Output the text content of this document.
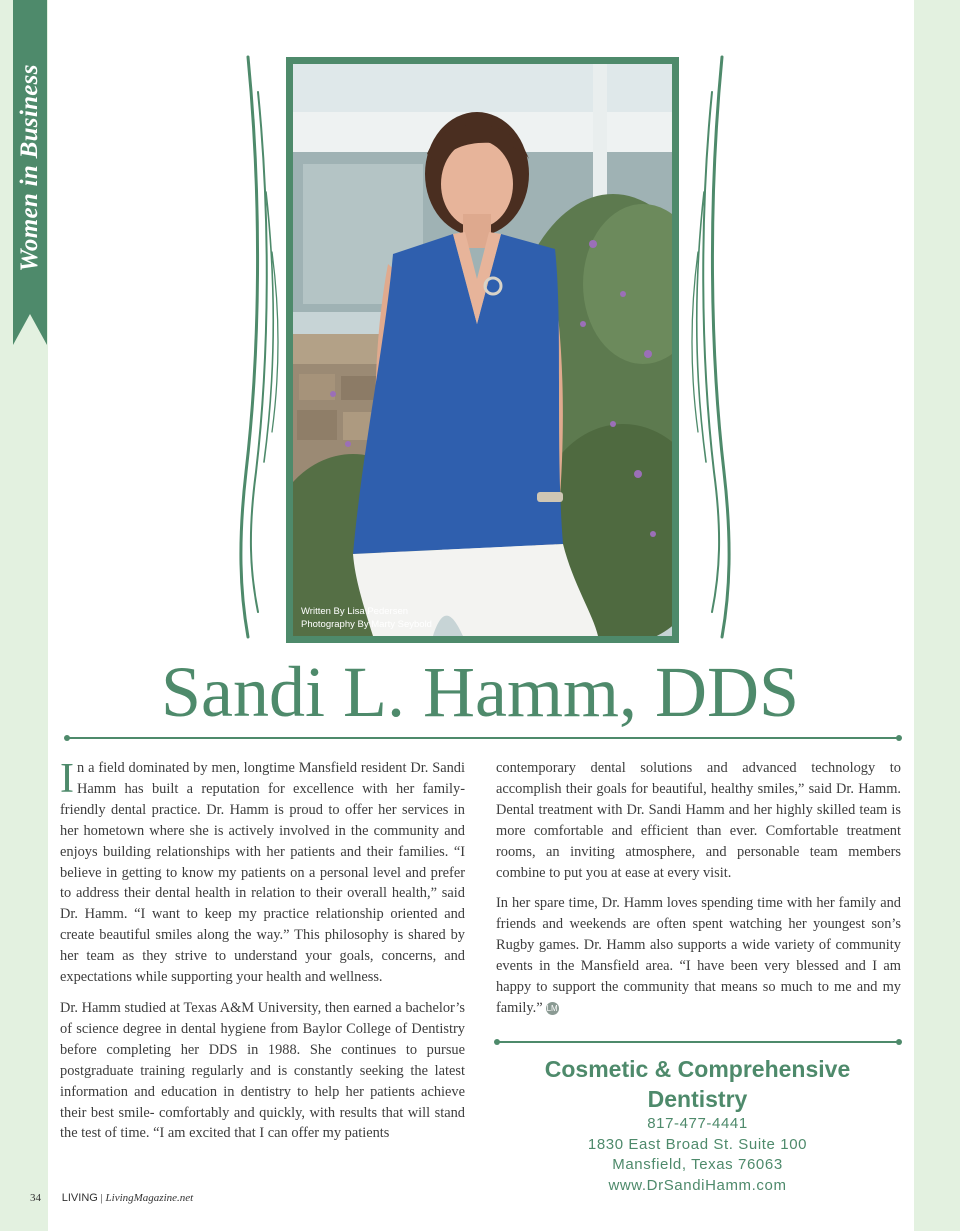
Women in Business
Written By Lisa Pedersen
Photography By Marty Seybold
Sandi L. Hamm, DDS

In a field dominated by men, longtime Mansfield resident Dr. Sandi Hamm has built a reputation for excellence with her family-friendly dental practice. Dr. Hamm is proud to offer her services in her hometown where she is actively involved in the community and enjoys building relationships with her patients and their families. “I believe in getting to know my patients on a personal level and prefer to address their dental health in relation to their overall health,” said Dr. Hamm. “I want to keep my practice relationship oriented and create beautiful smiles along the way.” This philosophy is shared by her team as they strive to understand your goals, concerns, and expectations while supporting your health and wellness.

Dr. Hamm studied at Texas A&M University, then earned a bachelor’s of science degree in dental hygiene from Baylor College of Dentistry before completing her DDS in 1988. She continues to pursue postgraduate training regularly and is constantly seeking the latest information and education in dentistry to help her patients achieve their best smile- comfortably and quickly, with results that will stand the test of time. “I am excited that I can offer my patients

contemporary dental solutions and advanced technology to accomplish their goals for beautiful, healthy smiles,” said Dr. Hamm. Dental treatment with Dr. Sandi Hamm and her highly skilled team is more comfortable and efficient than ever. Comfortable treatment rooms, an inviting atmosphere, and personable team members combine to put you at ease at every visit.

In her spare time, Dr. Hamm loves spending time with her family and friends and weekends are often spent watching her youngest son’s Rugby games. Dr. Hamm also supports a wide variety of community events in the Mansfield area. “I have been very blessed and I am happy to support the community that means so much to me and my family.” LM

Cosmetic & Comprehensive Dentistry
817-477-4441
1830 East Broad St. Suite 100
Mansfield, Texas 76063
www.DrSandiHamm.com
34 LIVING | LivingMagazine.net
